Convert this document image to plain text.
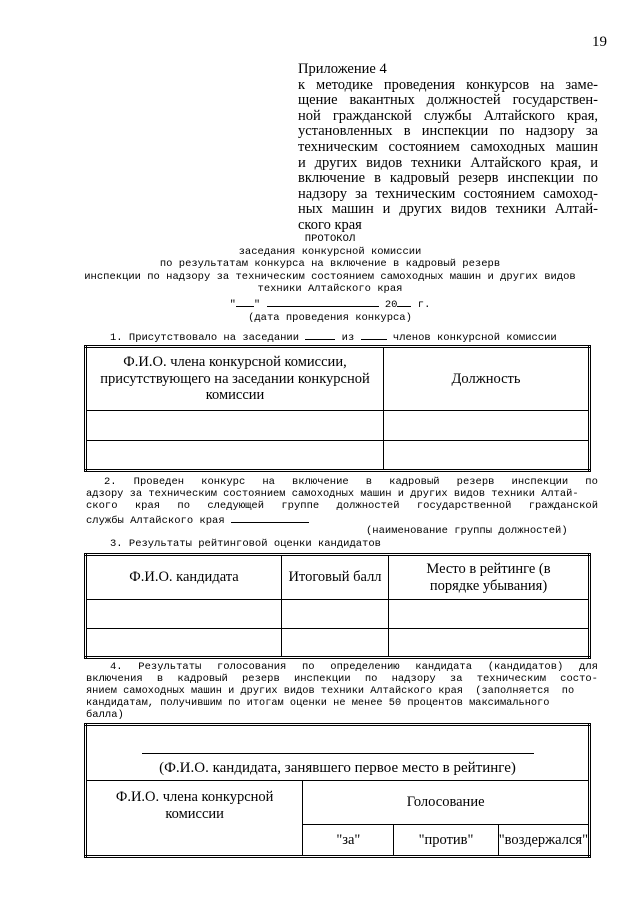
19
Приложение 4
к методике проведения конкурсов на заме-
щение вакантных должностей государствен-
ной гражданской службы Алтайского края,
установленных в инспекции по надзору за
техническим состоянием самоходных машин
и других видов техники Алтайского края, и
включение в кадровый резерв инспекции по
надзору за техническим состоянием самоход-
ных машин и других видов техники Алтай-
ского края
ПРОТОКОЛ
заседания конкурсной комиссии
по результатам конкурса на включение в кадровый резерв
инспекции по надзору за техническим состоянием самоходных машин и других видов
техники Алтайского края
" "	20 г.
(дата проведения конкурса)
1. Присутствовало на заседании	из	членов конкурсной комиссии
Ф.И.О. члена конкурсной комиссии, присутствующего на заседании конкурсной комиссии	Должность

2. Проведен конкурс на включение в кадровый резерв инспекции по
адзору за техническим состоянием самоходных машин и других видов техники Алтай-
ского края по следующей группе должностей государственной гражданской
службы Алтайского края
(наименование группы должностей)
3. Результаты рейтинговой оценки кандидатов
Ф.И.О. кандидата	Итоговый балл	Место в рейтинге (в порядке убывания)

4. Результаты голосования по определению кандидата (кандидатов) для
включения в кадровый резерв инспекции по надзору за техническим состо-
янием самоходных машин и других видов техники Алтайского края  (заполняется  по
кандидатам, получившим по итогам оценки не менее 50 процентов максимального
балла)
(Ф.И.О. кандидата, занявшего первое место в рейтинге)			

Ф.И.О. члена конкурсной комиссии	Голосование		
	"за"	"против"	"воздержался"
